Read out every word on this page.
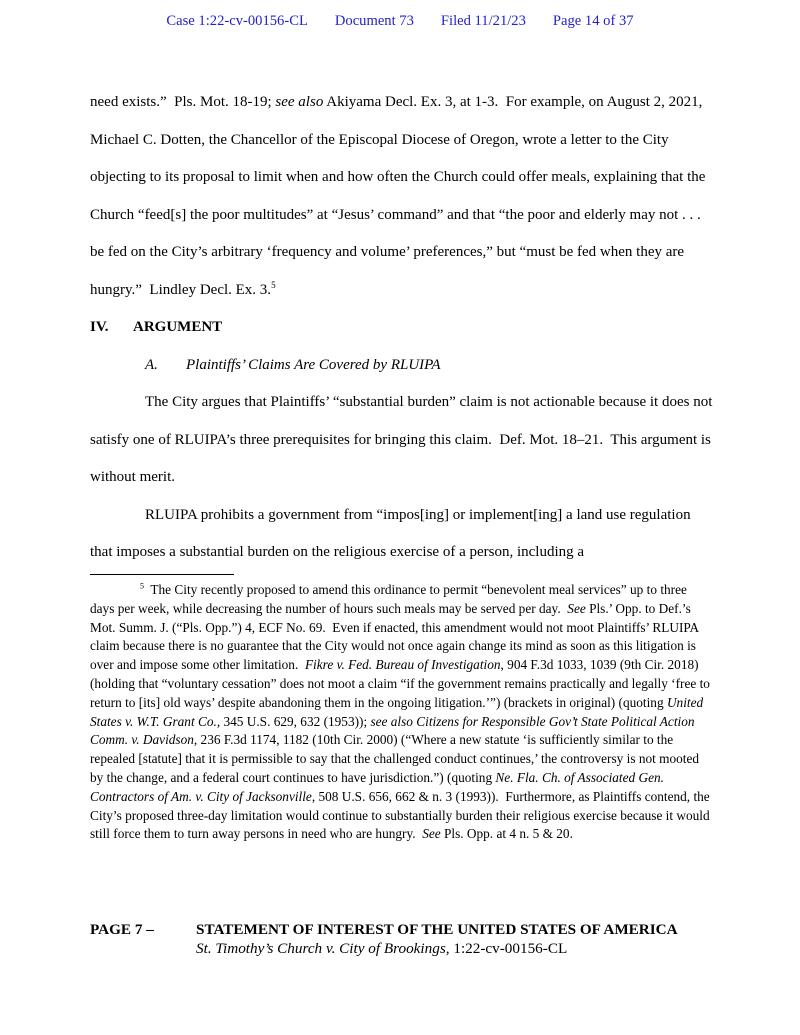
Case 1:22-cv-00156-CL Document 73 Filed 11/21/23 Page 14 of 37

need exists.”  Pls. Mot. 18-19; see also Akiyama Decl. Ex. 3, at 1-3.  For example, on August 2, 2021, Michael C. Dotten, the Chancellor of the Episcopal Diocese of Oregon, wrote a letter to the City objecting to its proposal to limit when and how often the Church could offer meals, explaining that the Church “feed[s] the poor multitudes” at “Jesus’ command” and that “the poor and elderly may not . . . be fed on the City’s arbitrary ‘frequency and volume’ preferences,” but “must be fed when they are hungry.”  Lindley Decl. Ex. 3.$^5$

IV. ARGUMENT

A. Plaintiffs’ Claims Are Covered by RLUIPA

The City argues that Plaintiffs’ “substantial burden” claim is not actionable because it does not satisfy one of RLUIPA’s three prerequisites for bringing this claim.  Def. Mot. 18–21.  This argument is without merit.

RLUIPA prohibits a government from “impos[ing] or implement[ing] a land use regulation that imposes a substantial burden on the religious exercise of a person, including a

$^5$  The City recently proposed to amend this ordinance to permit “benevolent meal services” up to three days per week, while decreasing the number of hours such meals may be served per day.  See Pls.’ Opp. to Def.’s Mot. Summ. J. (“Pls. Opp.”) 4, ECF No. 69.  Even if enacted, this amendment would not moot Plaintiffs’ RLUIPA claim because there is no guarantee that the City would not once again change its mind as soon as this litigation is over and impose some other limitation.  Fikre v. Fed. Bureau of Investigation, 904 F.3d 1033, 1039 (9th Cir. 2018) (holding that “voluntary cessation” does not moot a claim “if the government remains practically and legally ‘free to return to [its] old ways’ despite abandoning them in the ongoing litigation.’”) (brackets in original) (quoting United States v. W.T. Grant Co., 345 U.S. 629, 632 (1953)); see also Citizens for Responsible Gov’t State Political Action Comm. v. Davidson, 236 F.3d 1174, 1182 (10th Cir. 2000) (“Where a new statute ‘is sufficiently similar to the repealed [statute] that it is permissible to say that the challenged conduct continues,’ the controversy is not mooted by the change, and a federal court continues to have jurisdiction.”) (quoting Ne. Fla. Ch. of Associated Gen. Contractors of Am. v. City of Jacksonville, 508 U.S. 656, 662 & n. 3 (1993)).  Furthermore, as Plaintiffs contend, the City’s proposed three-day limitation would continue to substantially burden their religious exercise because it would still force them to turn away persons in need who are hungry.  See Pls. Opp. at 4 n. 5 & 20.

PAGE 7 –	STATEMENT OF INTEREST OF THE UNITED STATES OF AMERICA
St. Timothy’s Church v. City of Brookings, 1:22-cv-00156-CL
